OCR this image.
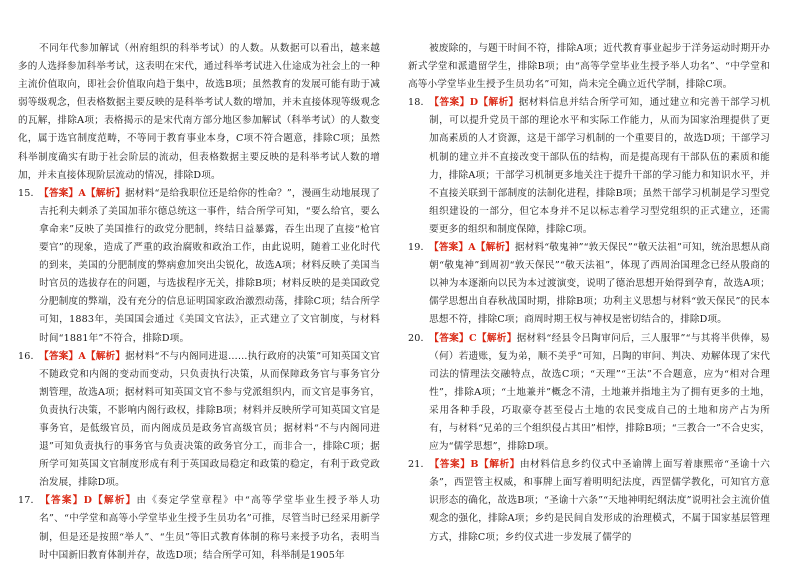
不同年代参加解试（州府组织的科举考试）的人数。从数据可以看出，越来越多的人选择参加科举考试，这表明在宋代，通过科举考试进入仕途成为社会上的一种主流价值取向，即社会价值取向趋于集中，故选B项；虽然教育的发展可能有助于减弱等级观念，但表格数据主要反映的是科举考试人数的增加，并未直接体现等级观念的瓦解，排除A项；表格揭示的是宋代南方部分地区参加解试（科举考试）的人数变化，属于选官制度范畴，不等同于教育事业本身，C项不符合题意，排除C项；虽然科举制度确实有助于社会阶层的流动，但表格数据主要反映的是科举考试人数的增加，并未直接体现阶层流动的情况，排除D项。

15．【答案】A【解析】据材料“是给我职位还是给你的性命？”，漫画生动地展现了吉托利夫刺杀了美国加菲尔德总统这一事件，结合所学可知，“要么给官，要么拿命来”反映了美国推行的政党分肥制，终结日益暴露，吞生出现了直接“枪官要官”的现象，造成了严重的政治腐败和政治工作，由此说明，随着工业化时代的到来，美国的分肥制度的弊病愈加突出尖锐化，故选A项；材料反映了美国当时官员的选拔存在的问题，与选拔程序无关，排除B项；材料反映的是美国政党分肥制度的弊端，没有充分的信息证明国家政治激烈动荡，排除C项；结合所学可知，1883年，美国国会通过《美国文官法》，正式建立了文官制度，与材料时间“1881年”不符合，排除D项。

16．【答案】A【解析】据材料“不与内阁同进退……执行政府的决策”可知英国文官不随政党和内阁的变动而变动，只负责执行决策，从而保障政务官与事务官分割管理，故选A项；据材料可知英国文官不参与党派组织内，而文官是事务官，负责执行决策，不影响内阁行政权，排除B项；材料并反映所学可知英国文官是事务官，是低级官员，而内阁成员是政务官高级官员；据材料“不与内阁同进退”可知负责执行的事务官与负责决策的政务官分工，而非合一，排除C项；据所学可知英国文官制度形成有利于英国政局稳定和政策的稳定，有利于政党政治发展，排除D项。

17．【答案】D【解析】由《奏定学堂章程》中“高等学堂毕业生授予举人功名”、“中学堂和高等小学堂毕业生授予生员功名”可推，尽管当时已经采用新学制，但是还是按照“举人”、“生员”等旧式教育体制的称号来授予功名，表明当时中国新旧教育体制并存，故选D项；结合所学可知，科举制是1905年

被废除的，与题干时间不符，排除A项；近代教育事业起步于洋务运动时期开办新式学堂和派遣留学生，排除B项；由“高等学堂毕业生授予举人功名”、“中学堂和高等小学堂毕业生授予生员功名”可知，尚未完全确立近代学制，排除C项。

18．【答案】D【解析】据材料信息并结合所学可知，通过建立和完善干部学习机制，可以提升党员干部的理论水平和实际工作能力，从而为国家治理提供了更加高素质的人才资源，这是干部学习机制的一个重要目的，故选D项；干部学习机制的建立并不直接改变干部队伍的结构，而是提高现有干部队伍的素质和能力，排除A项；干部学习机制更多地关注于提升干部的学习能力和知识水平，并不直接关联到干部制度的法制化进程，排除B项；虽然干部学习机制是学习型党组织建设的一部分，但它本身并不足以标志着学习型党组织的正式建立，还需要更多的组织和制度保障，排除C项。

19．【答案】A【解析】据材料“敬鬼神”“敦天保民”“敬天法祖”可知，统治思想从商朝“敬鬼神”到周初“敦天保民”“敬天法祖”，体现了西周治国理念已经从殷商的以神为本逐渐向以民为本过渡演变，说明了德治思想开始得到孕育，故选A项；儒学思想出自春秋战国时期，排除B项；功利主义思想与材料“敦天保民”的民本思想不符，排除C项；商周时期王权与神权是密切结合的，排除D项。

20．【答案】C【解析】据材料“经县令吕陶审问后，三人服罪”“与其将半供俸，易（何）若遗账，复为弟，顺不美乎”可知，吕陶的审问、判决、劝解体现了宋代司法的情理法交融特点，故选C项；“天理”“王法”不合题意，应为“相对合理性”，排除A项；“土地兼并”概念不清，土地兼并指地主为了拥有更多的土地，采用各种手段，巧取豪夺甚至侵占土地的农民变成自己的土地和房产占为所有，与材料“兄弟的三个组织侵占其田”相悖，排除B项；“三教合一”不合史实，应为“儒学思想”，排除D项。

21．【答案】B【解析】由材料信息乡约仪式中圣谕牌上面写着康熙帝“圣谕十六条”，西罡管主权威，和事牌上面写着明明纪法度，西罡儒学教化，可知官方意识形态的确化，故选B项；“圣谕十六条”“天地神明纪纲法度”说明社会主流价值观念的强化，排除A项；乡约是民间自发形成的治理模式，不属于国家基层管理方式，排除C项；乡约仪式进一步发展了儒学的
